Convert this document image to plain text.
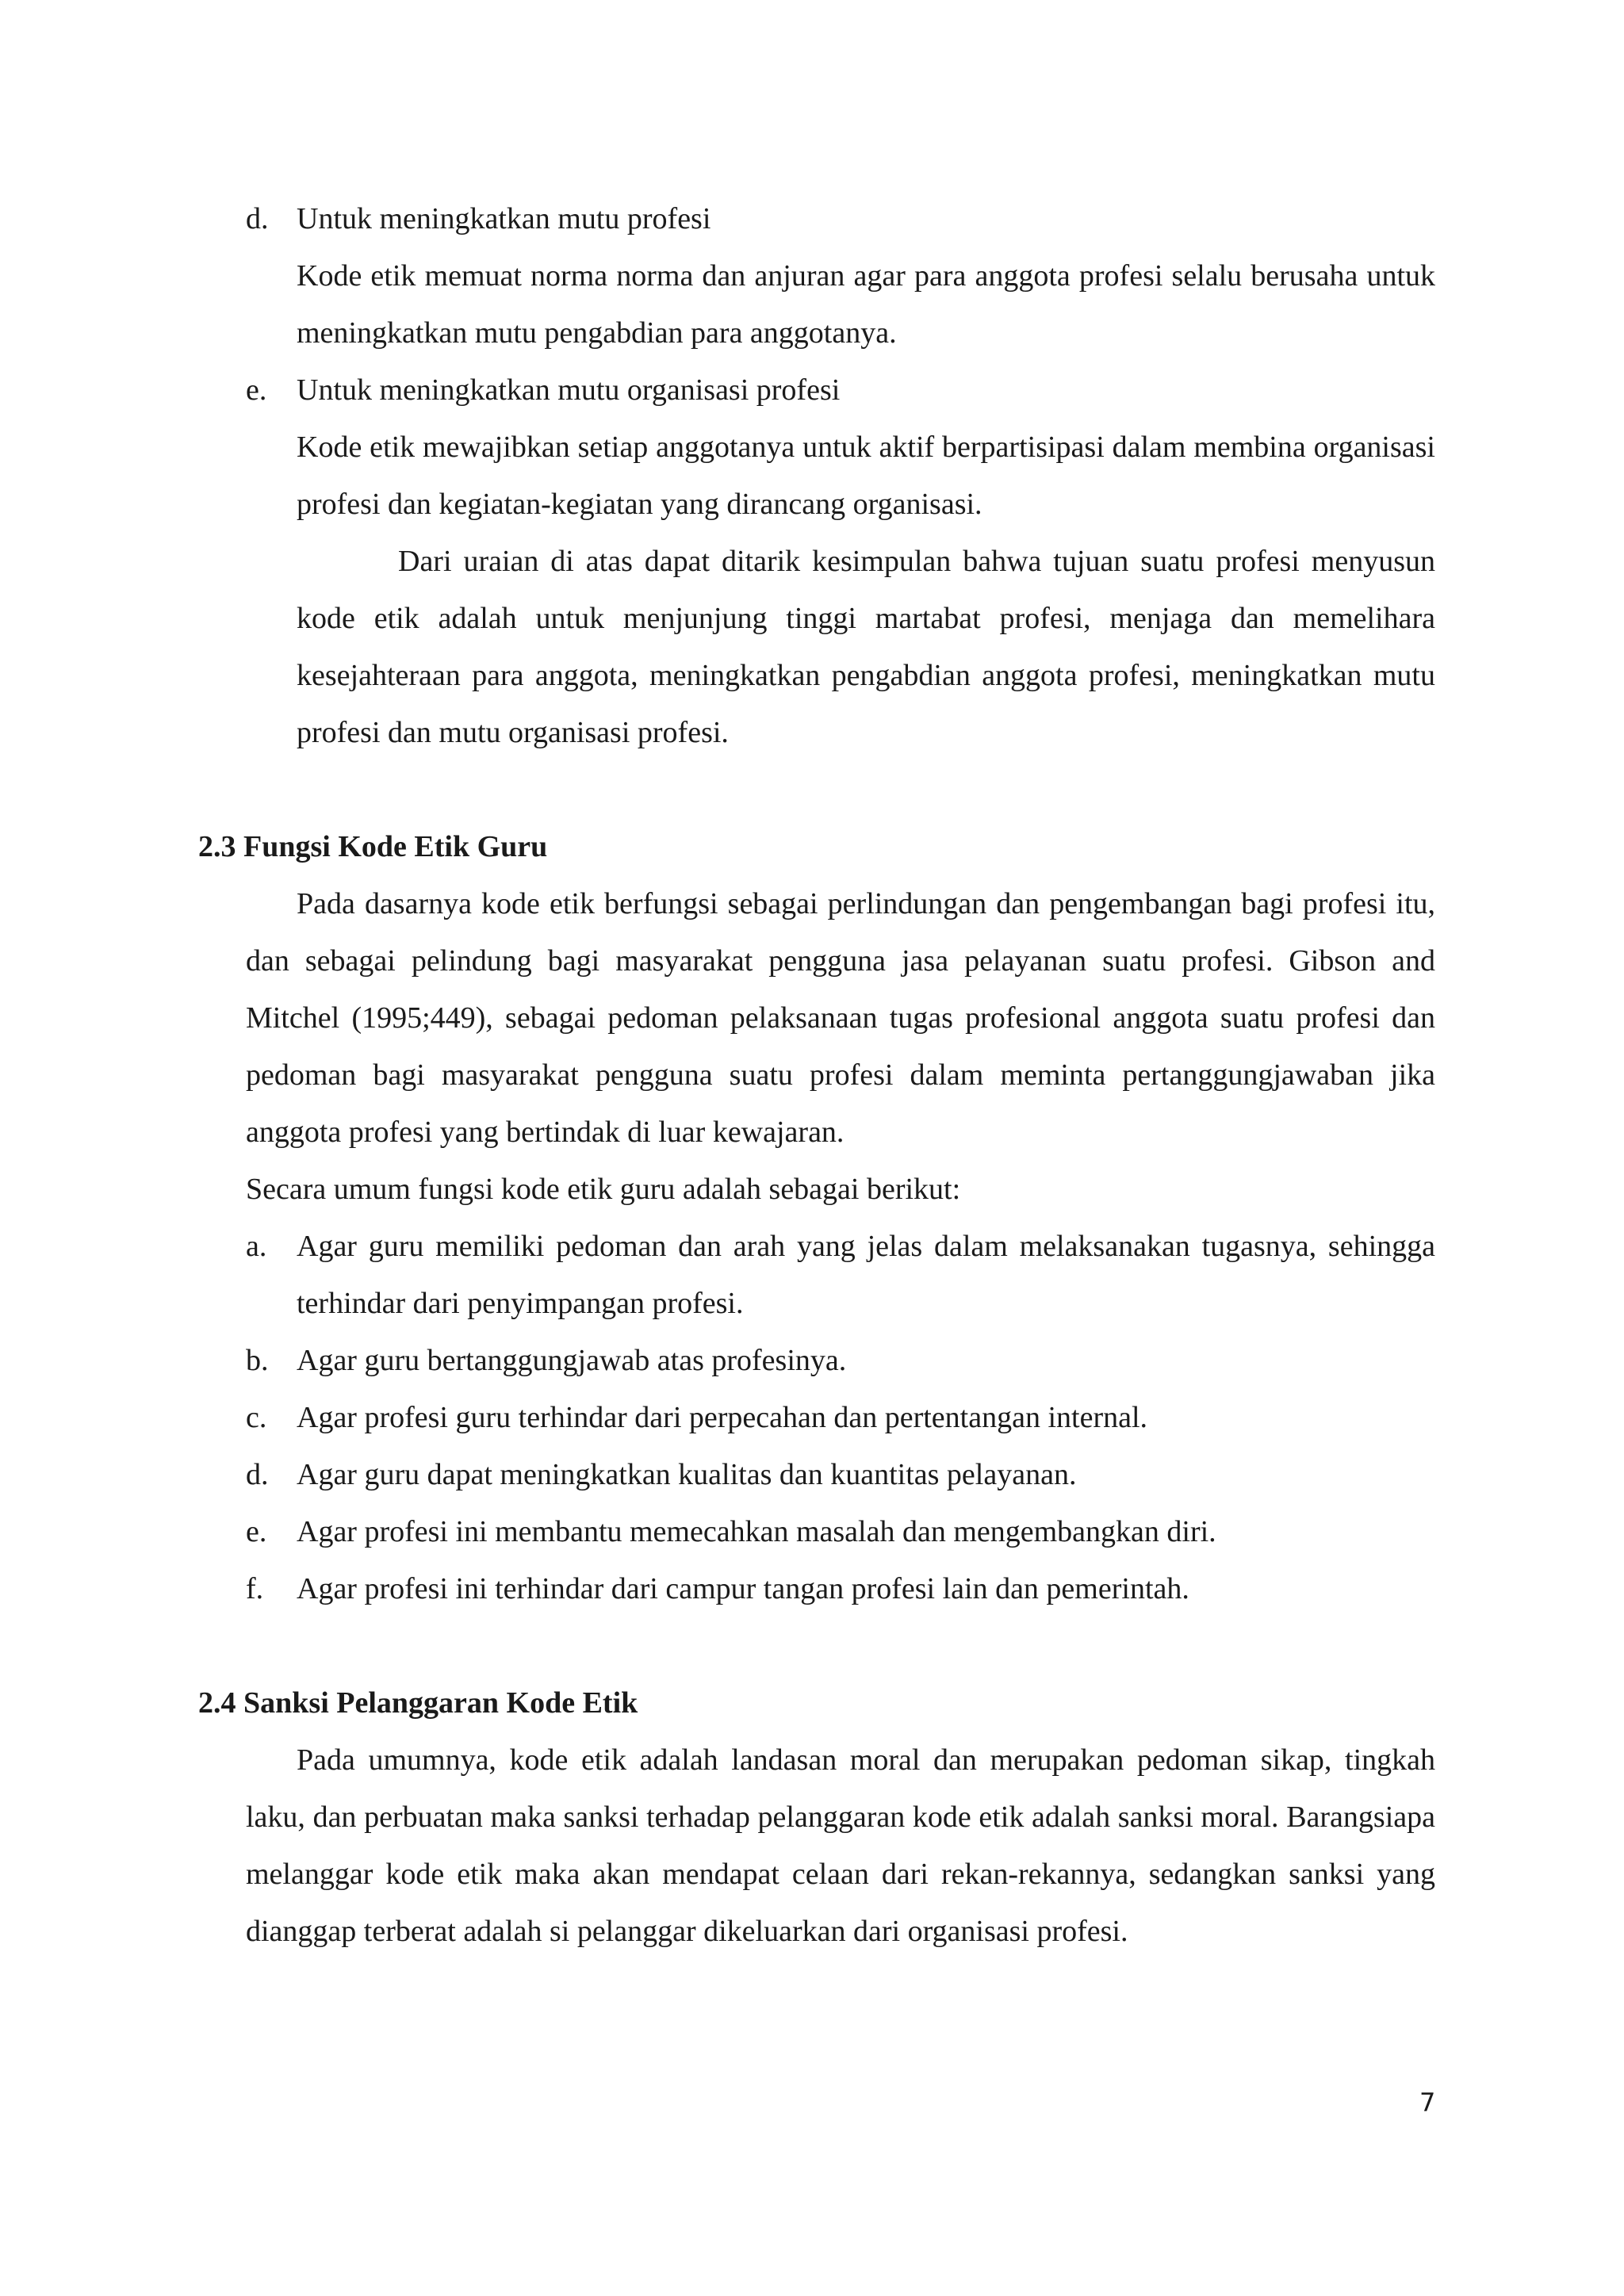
d. Untuk meningkatkan mutu profesi
Kode etik memuat norma norma dan anjuran agar para anggota profesi selalu berusaha untuk meningkatkan mutu pengabdian para anggotanya.
e. Untuk meningkatkan mutu organisasi profesi
Kode etik mewajibkan setiap anggotanya untuk aktif berpartisipasi dalam membina organisasi profesi dan kegiatan-kegiatan yang dirancang organisasi.
Dari uraian di atas dapat ditarik kesimpulan bahwa tujuan suatu profesi menyusun kode etik adalah untuk menjunjung tinggi martabat profesi, menjaga dan memelihara kesejahteraan para anggota, meningkatkan pengabdian anggota profesi, meningkatkan mutu profesi dan mutu organisasi profesi.
2.3 Fungsi Kode Etik Guru
Pada dasarnya kode etik berfungsi sebagai perlindungan dan pengembangan bagi profesi itu, dan sebagai pelindung bagi masyarakat pengguna jasa pelayanan suatu profesi. Gibson and Mitchel (1995;449), sebagai pedoman pelaksanaan tugas profesional anggota suatu profesi dan pedoman bagi masyarakat pengguna suatu profesi dalam meminta pertanggungjawaban jika anggota profesi yang bertindak di luar kewajaran.
Secara umum fungsi kode etik guru adalah sebagai berikut:
a. Agar guru memiliki pedoman dan arah yang jelas dalam melaksanakan tugasnya, sehingga terhindar dari penyimpangan profesi.
b. Agar guru bertanggungjawab atas profesinya.
c. Agar profesi guru terhindar dari perpecahan dan pertentangan internal.
d. Agar guru dapat meningkatkan kualitas dan kuantitas pelayanan.
e. Agar profesi ini membantu memecahkan masalah dan mengembangkan diri.
f. Agar profesi ini terhindar dari campur tangan profesi lain dan pemerintah.
2.4 Sanksi Pelanggaran Kode Etik
Pada umumnya, kode etik adalah landasan moral dan merupakan pedoman sikap, tingkah laku, dan perbuatan maka sanksi terhadap pelanggaran kode etik adalah sanksi moral. Barangsiapa melanggar kode etik maka akan mendapat celaan dari rekan-rekannya, sedangkan sanksi yang dianggap terberat adalah si pelanggar dikeluarkan dari organisasi profesi.
7
